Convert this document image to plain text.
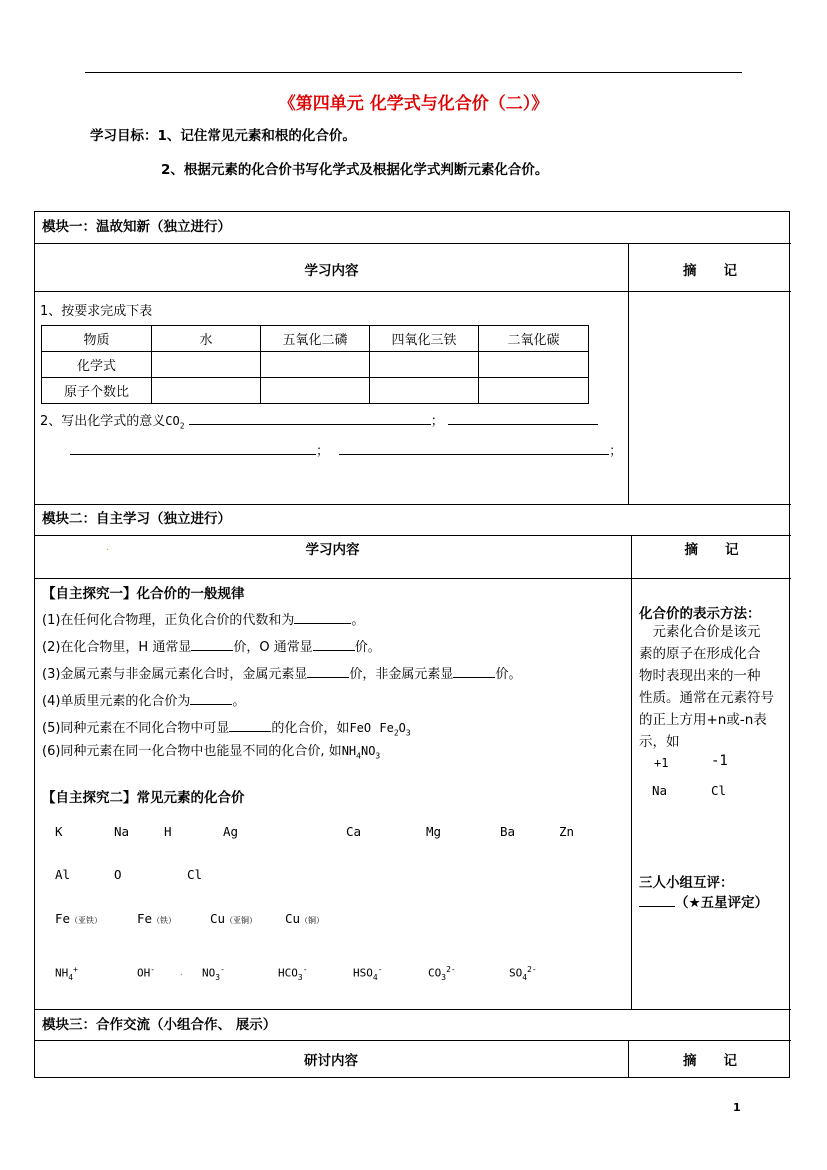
《第四单元 化学式与化合价（二）》
学习目标：1、记住常见元素和根的化合价。
2、根据元素的化合价书写化学式及根据化学式判断元素化合价。
模块一：温故知新（独立进行）
学习内容	摘　　记
1、按要求完成下表
物质	水	五氧化二磷	四氧化三铁	二氧化碳
化学式				
原子个数比				
2、写出化学式的意义$CO_2$	；
；	；
模块二：自主学习（独立进行）
.	学习内容	摘　　记
【自主探究一】化合价的一般规律
(1)在任何化合物理，正负化合价的代数和为	。
(2)在化合物里，H 通常显	价，O 通常显	价。
(3)金属元素与非金属元素化合时，金属元素显	价，非金属元素显	价。
(4)单质里元素的化合价为	。
(5)同种元素在不同化合物中可显	的化合价，如FeO $Fe_2O_3$
(6)同种元素在同一化合物中也能显不同的化合价, 如$NH_4NO_3$
【自主探究二】常见元素的化合价
K	Na	H	Ag	Ca	Mg	Ba	Zn
Al	O	Cl
Fe（亚铁）	Fe（铁）	Cu（亚铜） Cu（铜）
$NH_4^+$	OH-	. $NO_3^-$	$HCO_3^-$	$HSO_4^-$	$CO_3^{2-}$	$SO_4^{2-}$
化合价的表示方法：
　元素化合价是该元
素的原子在形成化合
物时表现出来的一种
性质。通常在元素符号
的正上方用+n或-n表
示，如
+1	-1
Na	Cl
三人小组互评：
（★五星评定）
模块三：合作交流（小组合作、 展示）
研讨内容	摘　　记
1
